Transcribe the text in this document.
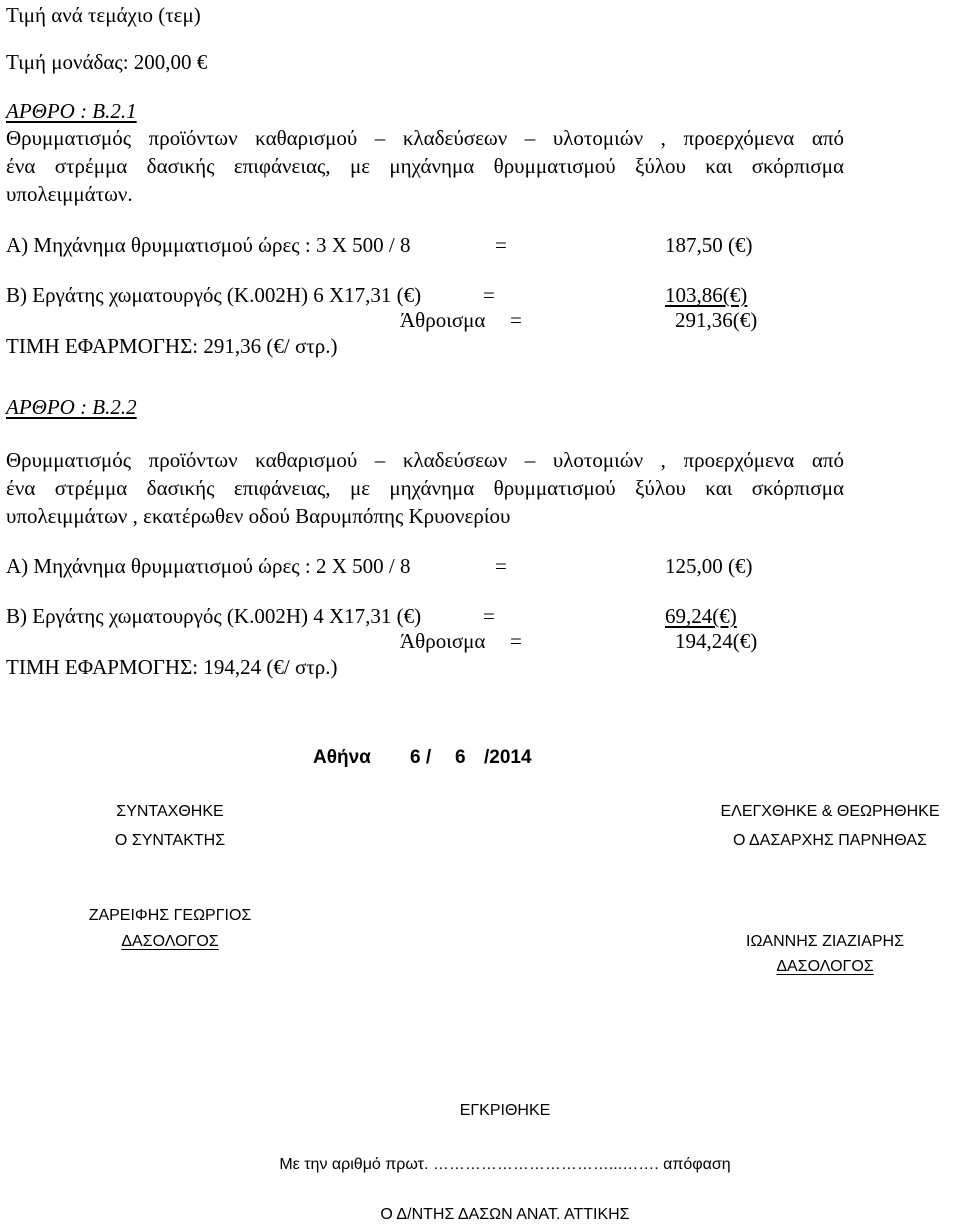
Τιμή ανά τεμάχιο (τεμ)
Τιμή μονάδας: 200,00 €
ΑΡΘΡΟ : Β.2.1
Θρυμματισμός προϊόντων καθαρισμού – κλαδεύσεων – υλοτομιών , προερχόμενα από
ένα στρέμμα δασικής επιφάνειας, με μηχάνημα θρυμματισμού ξύλου και σκόρπισμα
υπολειμμάτων.
Α) Μηχάνημα θρυμματισμού ώρες : 3 Χ 500 / 8	=	187,50 (€)
Β) Εργάτης χωματουργός (Κ.002Η) 6 Χ17,31 (€)	=	103,86(€)
Άθροισμα =	291,36(€)
ΤΙΜΗ ΕΦΑΡΜΟΓΗΣ: 291,36 (€/ στρ.)
ΑΡΘΡΟ : Β.2.2
Θρυμματισμός προϊόντων καθαρισμού – κλαδεύσεων – υλοτομιών , προερχόμενα από
ένα στρέμμα δασικής επιφάνειας, με μηχάνημα θρυμματισμού ξύλου και σκόρπισμα
υπολειμμάτων , εκατέρωθεν οδού Βαρυμπόπης Κρυονερίου
Α) Μηχάνημα θρυμματισμού ώρες : 2 Χ 500 / 8	=	125,00 (€)
Β) Εργάτης χωματουργός (Κ.002Η) 4 Χ17,31 (€)	=	69,24(€)
Άθροισμα =	194,24(€)
ΤΙΜΗ ΕΦΑΡΜΟΓΗΣ: 194,24 (€/ στρ.)
Αθήνα 6 / 6 /2014
ΣΥΝΤΑΧΘΗΚΕ
Ο ΣΥΝΤΑΚΤΗΣ
ΖΑΡΕΙΦΗΣ ΓΕΩΡΓΙΟΣ
ΔΑΣΟΛΟΓΟΣ
ΕΛΕΓΧΘΗΚΕ & ΘΕΩΡΗΘΗΚΕ
Ο ΔΑΣΑΡΧΗΣ ΠΑΡΝΗΘΑΣ
ΙΩΑΝΝΗΣ ΖΙΑΖΙΑΡΗΣ
ΔΑΣΟΛΟΓΟΣ
ΕΓΚΡΙΘΗΚΕ
Με την αριθμό πρωτ. ……………………………...……. απόφαση
Ο Δ/ΝΤΗΣ ΔΑΣΩΝ ΑΝΑΤ. ΑΤΤΙΚΗΣ
